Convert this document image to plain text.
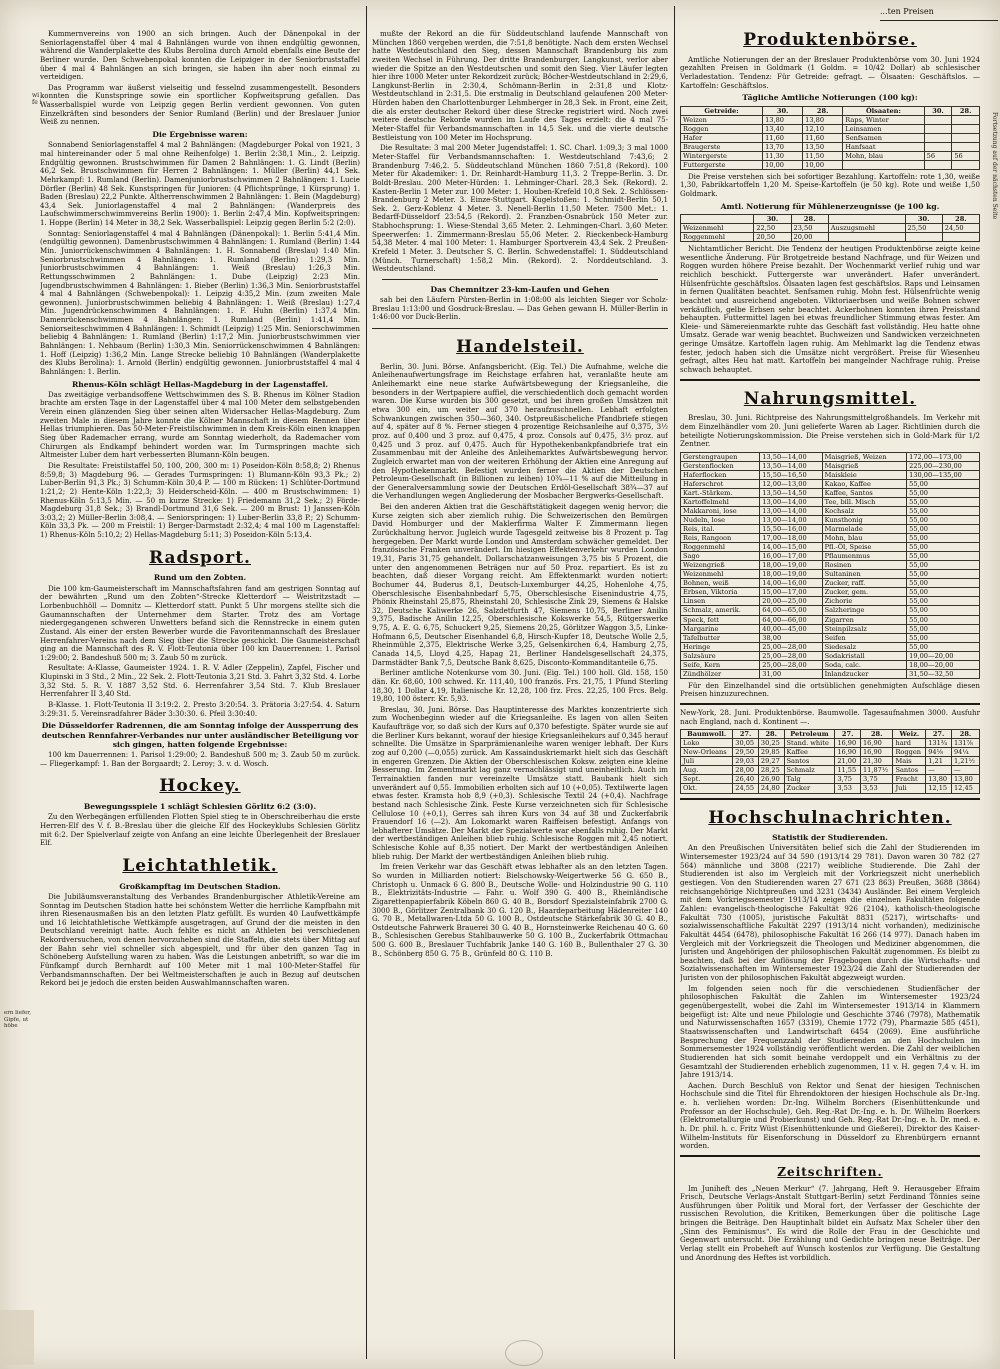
...ten Preisen
wi fe i
Fortsetzung auf der nächsten Seite
ern liefer, Gipfe, ut höbe

Kummernvereins von 1900 an sich bringen. Auch der Dänenpokal in der Seniorlagenstaffel über 4 mal 4 Bahnlängen wurde von ihnen endgültig gewonnen, während die Wanderplakette des Klubs Berolina durch Arnold ebenfalls eine Beute der Berliner wurde. Den Schwebenpokal konnten die Leipziger in der Seniorbruststaffel über 4 mal 4 Bahnlängen an sich bringen, sie haben ihn aber noch einmal zu verteidigen.

Das Programm war äußerst vielseitig und fesselnd zusammengestellt. Besonders konnten die Kunstspringe sowie ein sportlicher Kopfweitsprung gefallen. Das Wasserballspiel wurde von Leipzig gegen Berlin verdient gewonnen. Von guten Einzelkräften sind besonders der Senior Rumland (Berlin) und der Breslauer Junior Weiß zu nennen.

Die Ergebnisse waren:

Sonnabend Seniorlagenstaffel 4 mal 2 Bahnlängen: (Magdeburger Pokal von 1921, 3 mal hintereinander oder 5 mal ohne Reihenfolge) 1. Berlin 2:38,1 Min., 2. Leipzig. Endgültig gewonnen. Brustschwimmen für Damen 2 Bahnlängen: 1. G. Lindt (Berlin) 46,2 Sek. Brustschwimmen für Herren 2 Bahnlängen: 1. Müller (Berlin) 44,1 Sek. Mehrkampf: 1. Rumland (Berlin). Damenjuniorbrustschwimmen 2 Bahnlängen: 1. Lucie Dörfler (Berlin) 48 Sek. Kunstspringen für Junioren: (4 Pflichtsprünge, 1 Kürsprung) 1. Baden (Breslau) 22,2 Punkte. Altherrenschwimmen 2 Bahnlängen: 1. Bein (Magdeburg) 43,4 Sek. Juniorlagenstaffel 4 mal 2 Bahnlängen: (Wanderpreis des Laufschwimmerschwimmvereins Berlin 1900): 1. Berlin 2:47,4 Min. Kopfweitspringen: 1. Hoppe (Berlin) 14 Meter in 38,2 Sek. Wasserballspiel: Leipzig gegen Berlin 5:2 (2:0).

Sonntag: Seniorlagenstaffel 4 mal 4 Bahnlängen (Dänenpokal): 1. Berlin 5:41,4 Min. (endgültig gewonnen). Damenbrustschwimmen 4 Bahnlängen: 1. Rumland (Berlin) 1:44 Min. Juniorrückenschwimmen 4 Bahnlängen: 1. H. Sonnabend (Breslau) 1:40 Min. Seniorbrustschwimmen 4 Bahnlängen: 1. Rumland (Berlin) 1:29,3 Min. Juniorbrustschwimmen 4 Bahnlängen: 1. Weiß (Breslau) 1:26,3 Min. Rettungsschwimmen 2 Bahnlängen: 1. Dube (Leipzig) 2:23 Min. Jugendbrustschwimmen 4 Bahnlängen: 1. Bieber (Berlin) 1:36,3 Min. Seniorbruststaffel 4 mal 4 Bahnlängen (Schwebenpokal): 1. Leipzig 4:35,2 Min. (zum zweiten Male gewonnen). Juniorbrustschwimmen beliebig 4 Bahnlängen: 1. Weiß (Breslau) 1:27,4 Min. Jugendrückenschwimmen 4 Bahnlängen: 1. F. Huhn (Berlin) 1:37,4 Min. Damenrückenschwimmen 4 Bahnlängen: 1. Rumland (Berlin) 1:41,4 Min. Seniorseiteschwimmen 4 Bahnlängen: 1. Schmidt (Leipzig) 1:25 Min. Seniorschwimmen beliebig 4 Bahnlängen: 1. Rumland (Berlin) 1:17,2 Min. Juniorbrustschwimmen vier Bahnlängen: 1. Nehbaum (Berlin) 1:30,3 Min. Seniorrückenschwimmen 4 Bahnlängen: 1. Hoff (Leipzig) 1:36,2 Min. Lange Strecke beliebig 10 Bahnlängen (Wanderplakette des Klubs Berolina): 1. Arnold (Berlin) endgültig gewonnen. Juniorbruststaffel 4 mal 4 Bahnlängen: 1. Berlin.

Rhenus-Köln schlägt Hellas-Magdeburg in der Lagenstaffel.

Das zweitägige verbandsoffene Wettschwimmen des S. B. Rhenus im Kölner Stadion brachte am ersten Tage in der Lagenstaffel über 4 mal 100 Meter dem selbstgebenden Verein einen glänzenden Sieg über seinen alten Widersacher Hellas-Magdeburg. Zum zweiten Male in diesem Jahre konnte die Kölner Mannschaft in diesem Rennen über Hellas triumphieren. Das 50-Meter-Freistilschwimmen in dem Kreis-Köln einen knappen Sieg über Rademacher errang, wurde am Sonntag wiederholt, da Rademacher vom Chirurgen als Endkampf behindert worden war. Im Turmspringen machte sich Altmeister Luber dem hart verbesserten Blumann-Köln beugen.

Die Resultate: Freistilstaffel 50, 100, 200, 300 m: 1) Poseidon-Köln 8:58,8; 2) Rhenus 8:59,8; 3) Magdeburg 96. — Gerades Turmspringen: 1) Blumann-Köln 93,3 Pk.; 2) Luber-Berlin 91,3 Pk.; 3) Schumm-Köln 30,4 P. — 100 m Rücken: 1) Schlüter-Dortmund 1:21,2; 2) Hente-Köln 1:22,3; 3) Heiderscheid-Köln. — 400 m Brustschwimmen: 1) Rhenus-Köln 5:13,5 Min. — 50 m kurze Strecke: 1) Friedemann 31,2 Sek.; 2) Förde-Magdeburg 31,8 Sek.; 3) Brandl-Dortmund 31,6 Sek. — 200 m Brust: 1) Janssen-Köln 3:03,2; 2) Müller-Berlin 3:08,4. — Seniorspringen: 1) Luber-Berlin 33,8 P.; 2) Schumm-Köln 33,3 Pk. — 200 m Freistil: 1) Berger-Darmstadt 2:32,4; 4 mal 100 m Lagenstaffel: 1) Rhenus-Köln 5:10,2; 2) Hellas-Magdeburg 5:11; 3) Poseidon-Köln 5:13,4.

Radsport.
Rund um den Zobten.

Die 100 km-Gaumeisterschaft im Mannschaftsfahren fand am gestrigen Sonntag auf der bewährten „Rund um den Zobten“-Strecke Kletterdorf — Weistritzstadt — Lorbenbuchhöll — Domnitz — Kletterdorf statt. Punkt 5 Uhr morgens stellte sich die Gaumannschaften der Unternehmer dem Starter. Trotz des am Vortage niedergegangenen schweren Unwetters befand sich die Rennstrecke in einem guten Zustand. Als einer der ersten Bewerber wurde die Favoritenmannschaft des Breslauer Herrenfahrer-Vereins nach dem Sieg über die Strecke geschickt. Die Gaumeisterschaft ging an die Mannschaft des R. V. Flott-Teutonia über 100 km Dauerrennen: 1. Parisol 1:29:00; 2. Bandeshuß 500 m; 3. Zaub 50 m zurück.

Resultate: A-Klasse, Gaumeister 1924. 1. R. V. Adler (Zeppelin), Zapfel, Fischer und Klupinski in 3 Std., 2 Min., 22 Sek. 2. Flott-Teutonia 3,21 Std. 3. Fahrt 3,32 Std. 4. Lorbe 3,32 Std. 5. R. V. 1887 3,52 Std. 6. Herrenfahrer 3,54 Std. 7. Klub Breslauer Herrenfahrer II 3,40 Std.

B-Klasse. 1. Flott-Teutonia II 3:19:2. 2. Presto 3:20:54. 3. Prätoria 3:27:54. 4. Saturn 3:29:31. 5. Vereinsradfahrer Bäder 3:30:30. 6. Pfeil 3:30:40.

Die Düsseldorfer Radrennen, die am Sonntag infolge der Aussperrung des deutschen Rennfahrer-Verbandes nur unter ausländischer Beteiligung vor sich gingen, hatten folgende Ergebnisse:

100 km Dauerrennen: 1. Parisol 1:29:00; 2. Bandeshuß 500 m; 3. Zaub 50 m zurück. — Fliegerkampf: 1. Ban der Borgaardt; 2. Leroy; 3. v. d. Wosch.

Hockey.
Bewegungsspiele 1 schlägt Schlesien Görlitz 6:2 (3:0).

Zu den Werbegängen erfüllenden Flotten Spiel stieg te in Oberschreiberhau die erste Herren-Elf des V. f. B.-Breslau über die gleiche Elf des Hockeyklubs Schlesien Görlitz mit 6:2. Der Spielverlauf zeigte von Anfang an eine leichte Überlegenheit der Breslauer Elf.

Leichtathletik.
Großkampftag im Deutschen Stadion.

Die Jubiläumsveranstaltung des Verbandes Brandenburgischer Athletik-Vereine am Sonntag im Deutschen Stadion hatte bei schönstem Wetter die herrliche Kampfbahn mit ihren Riesenausmaßen bis an den letzten Platz gefüllt. Es wurden 40 Laufwettkämpfe und 16 leichtathletische Wettkämpfe ausgetragen, auf Grund der die meisten in den Deutschland vereinigt hatte. Auch fehlte es nicht an Athleten bei verschiedenen Rekordversuchen, von denen hervorzuheben sind die Staffeln, die stets über Mittag auf der Bahn sehr viel schneller sich abgespielt, und für über den ganzen Tag in Schöneberg Aufstellung waren zu haben. Was die Leistungen anbetrifft, so war die im Fünfkampf durch Bernhardt auf 100 Meter mit 1 mal 100-Meter-Staffel für Verbandsmannschaften. Der bei Weltmeisterschaften je auch in Bezug auf deutschen Rekord bei je jedoch die ersten beiden Auswahlmannschaften waren.

mußte der Rekord an die für Süddeutschland laufende Mannschaft von München 1860 vergeben werden, die 7:51,8 benötigte. Nach dem ersten Wechsel hatte Westdeutschland den Sieg, dessen Mannschaft Brandenburg bis zum zweiten Wechsel in Führung. Der dritte Brandenburger, Langkunst, verlor aber wieder die Spitze an den Westdeutschen und somit den Sieg. Vier Läufer legten hier ihre 1000 Meter unter Rekordzeit zurück; Böcher-Westdeutschland in 2:29,6, Langkunst-Berlin in 2:30,4, Schömann-Berlin in 2:31,8 und Klotz-Westdeutschland in 2:31,5. Die erstmalig in Deutschland gelaufenen 200 Meter-Hürden haben den Charlottenburger Lehmberger in 28,3 Sek. in Front, eine Zeit, die als erster deutscher Rekord über diese Strecke registriert wird. Noch zwei weitere deutsche Rekorde wurden im Laufe des Tages erzielt: die 4 mal 75-Meter-Staffel für Verbandsmannschaften in 14,5 Sek. und die vierte deutsche Bestleistung von 100 Meter im Hochsprung.

Die Resultate: 3 mal 200 Meter Jugendstaffel: 1. SC. Charl. 1:09,3; 3 mal 1000 Meter-Staffel für Verbandsmannschaften: 1. Westdeutschland 7:43,6; 2 Brandenburg 7:46,2. 5. Süddeutschland München 1860 7:51,8 (Rekord). 100 Meter für Akademiker: 1. Dr. Reinhardt-Hamburg 11,3. 2 Treppe-Berlin. 3. Dr. Boldt-Breslau. 200 Meter-Hürden: 1. Lehminger-Charl. 28,3 Sek. (Rekord). 2. Kasten-Berlin 1 Meter zur. 100 Meter: 1. Houben-Krefeld 10,8 Sek. 2. Schlössen-Brandenburg 2 Meter. 3. Einze-Stuttgart. Kugelstoßen: 1. Schmidt-Berlin 50,1 Sek. 2. Gerz-Koblenz 4 Meter. 3. Nenell-Berlin 11,50 Meter. 7500 Met.: 1. Bedarff-Düsseldorf 23:54,5 (Rekord). 2. Franzben-Osnabrück 150 Meter zur. Stabhochsprung: 1. Wiese-Stendal 3,65 Meter. 2. Lehmingen-Charl. 3,60 Meter. Speerwerfen: 1. Zimmermann-Breslau 55,06 Meter. 2. Rieckenbeck-Hamburg 54,38 Meter. 4 mal 100 Meter: 1. Hamburger Sportverein 43,4 Sek. 2 Preußen-Krefeld 1 Meter. 3. Deutscher S. C. Berlin. Schwedenstaffel: 1. Süddeutschland (Münch. Turnerschaft) 1:58,2 Min. (Rekord). 2. Norddeutschland. 3. Westdeutschland.

Das Chemnitzer 23-km-Laufen und Gehen

sah bei den Läufern Pürsten-Berlin in 1:08:00 als leichten Sieger vor Scholz-Breslau 1:13:00 und Gosdruck-Breslau. — Das Gehen gewann H. Müller-Berlin in 1:46:00 vor Duck-Berlin.

Handelsteil.

Berlin, 30. Juni. Börse. Anfangsbericht. (Eig. Tel.) Die Aufnahme, welche die Anleihenaufwertungsfrage im Reichstage erfahren hat, veranlaßte heute am Anleihemarkt eine neue starke Aufwärtsbewegung der Kriegsanleihe, die besonders in der Wertpapiere auffiel, die verschiedentlich doch gemacht worden waren. Die Kurse wurden bis 300 gesetzt, und bei ihren großen Umsätzen mit etwa 300 ein, um weiter auf 370 heraufzuschnellen. Lebhaft erfolgten Schwankungen zwischen 350—360, 340. Ostpreußischeliche Pfandbriefe stiegen auf 4, später auf 8 %. Ferner stiegen 4 prozentige Reichsanleihe auf 0,375, 3½ proz. auf 0,400 und 3 proz. auf 0,475, 4 proz. Consols auf 0,475, 3½ proz. auf 0,425 und 3 proz. auf 0,475. Auch für Hypothekenbankpfandbriefe trat ein Zusammenbau mit der Anleihe des Anleihemarktes Aufwärtsbewegung hervor. Zugleich erwartet man von der weiteren Erhöhung der Aktien eine Anregung auf den Hypothekenmarkt. Befestigt wurden ferner die Aktien der Deutschen Petroleum-Gesellschaft (in Billionen zu leihen) 10¾—11 % auf die Mitteilung in der Generalversammlung sowie der Deutschen Erdöl-Gesellschaft 38¾—37 auf die Verhandlungen wegen Angliederung der Mosbacher Bergwerks-Gesellschaft.

Bei den anderen Aktien trat die Geschäftstätigkeit dagegen wenig hervor; die Kurse zeigten sich aber ziemlich ruhig. Die Schweizerischen den Bemürgen David Homburger und der Maklerfirma Walter F. Zimmermann liegen Zurückhaltung hervor. Jugleich wurde Tagesgeld zeitweise bis 8 Prozent p. Tag hergegeben. Der Markt wurde London und Amsterdam schwächer gemeldet. Der französische Franken unverändert. Im hiesigen Effektenverkehr wurden London 19,31, Paris 31,75 gehandelt. Dollarschatzanweisungen 3,75 bis 5 Prozent, die unter den angenommenen Beträgen nur auf 50 Proz. repartiert. Es ist zu beachten, daß dieser Vorgang reicht. Am Effektenmarkt wurden notiert: Bochumer 44, Buderus 8,1, Deutsch-Luxemburger 44,25, Hohenlohe 4,75, Oberschlesische Eisenbahnbedarf 5,75, Oberschlesische Eisenindustrie 4,75, Phönix Rheinstahl 25,875, Rheinstahl 20, Schlesische Zink 29, Siemens & Halske 32, Deutsche Kaliwerke 26, Salzdetfurth 47, Siemens 10,75, Berliner Anilin 9,375, Badische Anilin 12,25, Oberschlesische Kokswerke 54,5, Rütgerswerke 9,75, A. E. G. 6,75, Schuckert 9,25, Siemens 20,25, Görlitzer Waggon 3,5, Linke-Hofmann 6,5, Deutscher Eisenhandel 6,8, Hirsch-Kupfer 18, Deutsche Wolle 2,5, Rheinmühle 2,375, Elektrische Werke 3,25, Gelsenkirchen 6,4, Hamburg 2,75, Canada 14,5, Lloyd 4,25, Hapag 21, Berliner Handelsgesellschaft 24,375, Darmstädter Bank 7,5, Deutsche Bank 8,625, Disconto-Kommanditanteile 6,75.

Berliner amtliche Notenkurse vom 30. Juni. (Eig. Tel.) 100 holl. Gld. 158, 150 dän. Kr. 68,60, 100 schwed. Kr. 111,40, 100 französ. Frs. 21,75, 1 Pfund Sterling 18,30, 1 Dollar 4,19, Italienische Kr. 12,28, 100 frz. Frcs. 22,25, 100 Frcs. Belg. 19,80, 100 österr. Kr. 5,93.

Breslau, 30. Juni. Börse. Das Hauptinteresse des Marktes konzentrierte sich zum Wochenbeginn wieder auf die Kriegsanleihe. Es lagen von allen Seiten Kaufaufträge vor, so daß sich der Kurs auf 0,370 befestigte. Später wurde sie auf die Berliner Kurs bekannt, worauf der hiesige Kriegsanleihekurs auf 0,345 herauf schnellte. Die Umsätze in Sparprämienanleihe waren weniger lebhaft. Der Kurs zog auf 0,200 (—0,055) zurück. Am Kassainduskriemarkt hielt sich das Geschäft in engeren Grenzen. Die Aktien der Oberschlesischen Koksw. zeigten eine kleine Besserung. Im Zementmarkt lag ganz vernachlässigt und uneinheitlich. Auch im Terrainaktien fanden nur vereinzelte Umsätze statt. Baubank hielt sich unverändert auf 0,55. Immobilien erholten sich auf 10 (+0,05). Textilwerte lagen etwas fester. Kramsta hob 8,9 (+0,3). Schlesische Textil 24 (+0,4). Nachfrage bestand nach Schlesische Zink. Feste Kurse verzeichneten sich für Schlesische Cellulose 10 (+0,1), Gerres sah ihren Kurs von 34 auf 38 und Zuckerfabrik Frauendorf 16 (—2). Am Lokomarkt waren Raiffeisen befestigt. Anfangs von lebhafterer Umsätze. Der Markt der Spezialwerte war ebenfalls ruhig. Der Markt der wertbeständigen Anleihen blieb ruhig. Schlesische Roggen mit 2,45 notiert. Schlesische Kohle auf 8,35 notiert. Der Markt der wertbeständigen Anleihen blieb ruhig. Der Markt der wertbeständigen Anleihen blieb ruhig.

Im freien Verkehr war das Geschäft etwas lebhafter als an den letzten Tagen. So wurden in Milliarden notiert: Bielschowsky-Weigertwerke 56 G. 650 B., Christoph u. Unmack 6 G. 800 B., Deutsche Wolle- und Holzindustrie 90 G. 110 B., Elektrizitäts-Industrie — Fahr. u. Wolf 390 G. 400 B., Rheinländische Zigarettenpapierfabrik Köbeln 860 G. 40 B., Borsdorf Spezialsteinfabrik 2700 G. 3000 B., Görlitzer Zentralbank 30 G. 120 B., Haardeparbeitung Hädenreiter 140 G. 70 B., Metallwaren-Ltda 50 G. 100 B., Ostdeutsche Stärkefabrik 30 G. 40 B., Ostdeutsche Fahrwerk Brauerei 30 G. 40 B., Hornsteinwerke Reichenau 40 G. 60 B., Schlesischen Gerebus Stahlbauwerke 50 G. 100 B., Zuckerfabrik Ottmachau 500 G. 600 B., Breslauer Tuchfabrik Janke 140 G. 160 B., Bullenthaler 27 G. 30 B., Schönberg 850 G. 75 B., Grünfeld 80 G. 110 B.

Produktenbörse.

Amtliche Notierungen der an der Breslauer Produktenbörse vom 30. Juni 1924 gezahlten Preisen in Goldmark (1 Goldm. = 10/42 Dollar) ab schlesischer Verladestation. Tendenz: Für Getreide: gefragt. — Ölsaaten: Geschäftslos. — Kartoffeln: Geschäftslos.

Tägliche Amtliche Notierungen (100 kg):
Getreide:	30.	28.	Ölsaaten:	30.	28.
Weizen	13,80	13,80	Raps, Winter		
Roggen	13,40	12,10	Leinsamen		
Hafer	11,60	11,60	Senfsamen		
Braugerste	13,70	13,50	Hanfsaat		
Wintergerste	11,30	11,50	Mohn, blau	56	56
Futtergerste	10,00	10,00			

Die Preise verstehen sich bei sofortiger Bezahlung. Kartoffeln: rote 1,30, weiße 1,30, Fabrikkartoffeln 1,20 M. Speise-Kartoffeln (je 50 kg). Rote und weiße 1,50 Goldmark.

Amtl. Notierung für Mühlenerzeugnisse (je 100 kg.
	30.	28.		30.	28.
Weizenmehl	22,50	23,50	Auszugsmehl	25,50	24,50
Roggenmehl	20,50	20,00			

Nichtamtlicher Bericht. Die Tendenz der heutigen Produktenbörse zeigte keine wesentliche Änderung. Für Brotgetreide bestand Nachfrage, und für Weizen und Roggen wurden höhere Preise bezahlt. Der Wochenmarkt verlief ruhig und war reichlich beschickt. Futtergerste war unverändert. Hafer unverändert. Hülsenfrüchte geschäftslos. Ölsaaten lagen fest geschäftslos. Raps und Leinsamen in fernen Qualitäten beachtet. Senfsamen ruhig. Mohn fest. Hülsenfrüchte wenig beachtet und ausreichend angeboten. Viktoriaerbsen und weiße Bohnen schwer verkäuflich, gelbe Erbsen sehr beachtet. Ackerbohnen konnten ihren Preisstand behaupten. Futtermittel lagen bei etwas freundlicher Stimmung etwas fester. Am Kleie- und Sämereienmarkte ruhte das Geschäft fast vollständig. Heu hatte ohne Umsatz. Gerade war wenig beachtet. Buchweizen und Sandwicken verzeichneten geringe Umsätze. Kartoffeln lagen ruhig. Am Mehlmarkt lag die Tendenz etwas fester, jedoch haben sich die Umsätze nicht vergrößert. Preise für Wiesenheu gefragt, altes Heu hat matt. Kartoffeln bei mangelnder Nachfrage ruhig. Preise schwach behauptet.

Nahrungsmittel.

Breslau, 30. Juni. Richtpreise des Nahrungsmittelgroßhandels. Im Verkehr mit dem Einzelhändler vom 20. Juni gelieferte Waren ab Lager. Richtlinien durch die beteiligte Notierungskommission. Die Preise verstehen sich in Gold-Mark für 1/2 Zentner.

Gerstengraupen	13,50—14,00	Maisgrieß, Weizen	172,00—173,00
Gerstenflocken	13,50—14,00	Maisgrieß	225,00—230,00
Haferflocken	15,50—16,50	Maiskleie	130,00—135,00
Haferschrot	12,00—13,00	Kakao, Kaffee	55,00
Kart.-Stärkem.	13,50—14,50	Kaffee, Santos	55,00
Kartoffelmehl	13,00—14,00	Tee, bill. Misch	55,00
Makkaroni, lose	13,00—14,00	Kochsalz	55,00
Nudeln, lose	13,00—14,00	Kunsthonig	55,00
Reis, ital.	15,50—16,00	Marmelade	55,00
Reis, Rangoon	17,00—18,00	Mohn, blau	55,00
Roggenmehl	14,00—15,00	Pfl.-Öl, Speise	55,00
Sago	16,00—17,00	Pflaumenmus	55,00
Weizengrieß	18,00—19,00	Rosinen	55,00
Weizenmehl	18,00—19,00	Sultaninen	55,00
Bohnen, weiß	14,00—16,00	Zucker, raff.	55,00
Erbsen, Viktoria	15,00—17,00	Zucker, gem.	55,00
Linsen	20,00—25,00	Zichorie	55,00
Schmalz, amerik.	64,00—65,00	Salzheringe	55,00
Speck, fett	64,00—66,00	Zigarren	55,00
Margarine	40,00—45,00	Steinpilzsalz	55,00
Tafelbutter	38,00	Seifen	55,00
Heringe	25,00—28,00	Siedesalz	55,00
Salzsäure	25,00—28,00	Sodakristall	19,00—20,00
Seife, Kern	25,00—28,00	Soda, calc.	18,00—20,00
Zündhölzer	31,00	Inlandzucker	31,50—32,50

Für den Einzelhandel sind die ortsüblichen genehmigten Aufschläge diesen Preisen hinzuzurechnen.

New-York, 28. Juni. Produktenbörse. Baumwolle. Tagesaufnahmen 3000. Ausfuhr nach England, nach d. Kontinent —.

Baumwoll.	27.	28.	Petroleum	27.	28.	Weiz.	27.	28.
Loko	30,05	30,25	Stand. white	16,90	16,90	hard	131¾	131⅞
New-Orleans	29,50	29,85	Kaffee	16,90	16,90	Roggen	94⅛	94¼
Juli	29,03	29,27	Santos	21,00	21,30	Mais	1,21	1,21½
Aug.	28,00	28,25	Schmalz	11,55	11,87½	Santos	—	—
Sept.	26,40	26,90	Talg	3,75	3,75	Fracht	13,80	13,80
Okt.	24,55	24,80	Zucker	3,53	3,53	Juli	12,15	12,45
Hochschulnachrichten.
Statistik der Studierenden.

An den Preußischen Universitäten belief sich die Zahl der Studierenden im Wintersemester 1923/24 auf 34 590 (1913/14 29 781). Davon waren 30 782 (27 564) männliche und 3808 (2217) weibliche Studierende. Die Zahl der Studierenden ist also im Vergleich mit der Vorkriegszeit nicht unerheblich gestiegen. Von den Studierenden waren 27 671 (23 863) Preußen, 3688 (3864) reichsangehörige Nichtpreußen und 3231 (3434) Ausländer. Bei einem Vergleich mit dem Vorkriegssemester 1913/14 zeigen die einzelnen Fakultäten folgende Zahlen: evangelisch-theologische Fakultät 926 (2104), katholisch-theologische Fakultät 730 (1005), juristische Fakultät 8831 (5217), wirtschafts- und sozialwissenschaftliche Fakultät 2297 (1913/14 nicht vorhanden), medizinische Fakultät 4454 (6478), philosophische Fakultät 16 266 (14 977). Danach haben im Vergleich mit der Vorkriegszeit die Theologen und Mediziner abgenommen, die Juristen und Angehörigen der philosophischen Fakultät zugenommen. Es bleibt zu beachten, daß bei der Auflösung der Fragebogen durch die Wirtschafts- und Sozialwissenschaften im Wintersemester 1923/24 die Zahl der Studierenden der Juristen von der philosophischen Fakultät abgezweigt wurden.

Im folgenden seien noch für die verschiedenen Studienfächer der philosophischen Fakultät die Zahlen im Wintersemester 1923/24 gegenübergestellt, wobei die Zahl im Wintersemester 1913/14 in Klammern beigefügt ist: Alte und neue Philologie und Geschichte 3746 (7978), Mathematik und Naturwissenschaften 1657 (3319), Chemie 1772 (79), Pharmazie 585 (451), Staatswissenschaften und Landwirtschaft 6454 (2069). Eine ausführliche Besprechung der Frequenzzahl der Studierenden an den Hochschulen im Sommersemester 1924 vollständig veröffentlicht werden. Die Zahl der weiblichen Studierenden hat sich somit beinahe verdoppelt und ein Verhältnis zu der Gesamtzahl der Studierenden erheblich zugenommen, 11 v. H. gegen 7,4 v. H. im Jahre 1913/14.

Aachen. Durch Beschluß von Rektor und Senat der hiesigen Technischen Hochschule sind die Titel für Ehrendoktoren der hiesigen Hochschule als Dr.-Ing. e. h. verliehen worden: Dr.-Ing. Wilhelm Borchers (Eisenhüttenkunde und Professor an der Hochschule), Geh. Reg.-Rat Dr.-Ing. e. h. Dr. Wilhelm Boerkers (Elektrometallurgie und Probierkunst) und Geh. Reg.-Rat Dr.-Ing. e. h. Dr. med. e. h. Dr. phil. h. c. Fritz Wüst (Eisenhüttenkunde und Gießerei), Direktor des Kaiser-Wilhelm-Instituts für Eisenforschung in Düsseldorf zu Ehrenbürgern ernannt worden.

Zeitschriften.

Im Juniheft des „Neuen Merkur“ (7. Jahrgang, Heft 9. Herausgeber Efraim Frisch, Deutsche Verlags-Anstalt Stuttgart-Berlin) setzt Ferdinand Tönnies seine Ausführungen über Politik und Moral fort, der Verfasser der Geschichte der russischen Revolution, die Kritiken, Bemerkungen über die politische Lage bringen die Beiträge. Den Hauptinhalt bildet ein Aufsatz Max Scheler über den „Sinn des Feminismus“. Es wird die Rolle der Frau in der Geschichte und Gegenwart untersucht. Die Erzählung und Gedichte bringen neue Beiträge. Der Verlag stellt ein Probeheft auf Wunsch kostenlos zur Verfügung. Die Gestaltung und Anordnung des Heftes ist vorbildlich.
